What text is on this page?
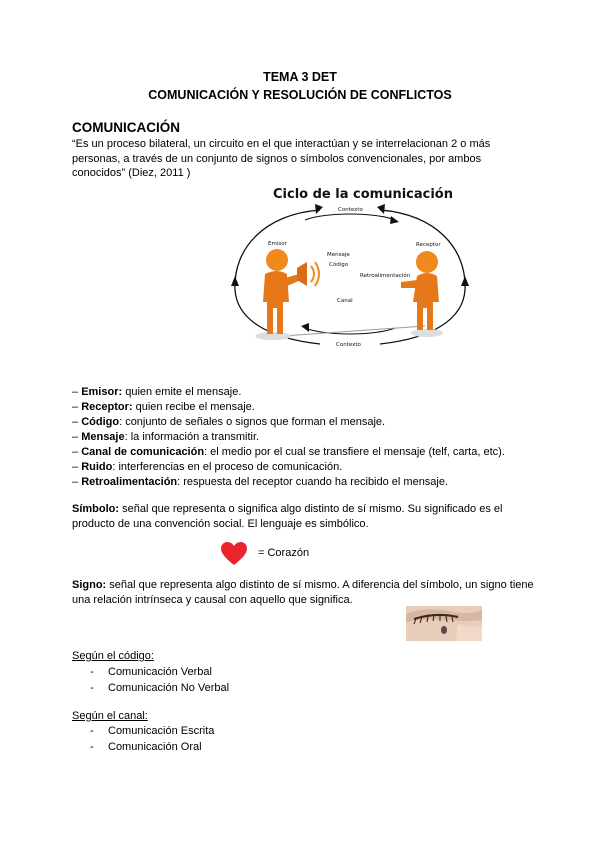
TEMA 3 DET
COMUNICACIÓN Y RESOLUCIÓN DE CONFLICTOS
COMUNICACIÓN
“Es un proceso bilateral, un circuito en el que interactúan y se interrelacionan 2 o más personas, a través de un conjunto de signos o símbolos convencionales, por ambos conocidos” (Diez, 2011 )
Ciclo de la comunicación
Contexto
Contexto
Emisor
Mensaje
Código
Retroalimentación
Canal
Receptor
– Emisor: quien emite el mensaje.
– Receptor: quien recibe el mensaje.
– Código: conjunto de señales o signos que forman el mensaje.
– Mensaje: la información a transmitir.
– Canal de comunicación: el medio por el cual se transfiere el mensaje (telf, carta, etc).
– Ruido: interferencias en el proceso de comunicación.
– Retroalimentación: respuesta del receptor cuando ha recibido el mensaje.
Símbolo: señal que representa o significa algo distinto de sí mismo. Su significado es el producto de una convención social. El lenguaje es simbólico.
= Corazón
Signo: señal que representa algo distinto de sí mismo. A diferencia del símbolo, un signo tiene una relación intrínseca y causal con aquello que significa.
Según el código:
- Comunicación Verbal
- Comunicación No Verbal
Según el canal:
- Comunicación Escrita
- Comunicación Oral
